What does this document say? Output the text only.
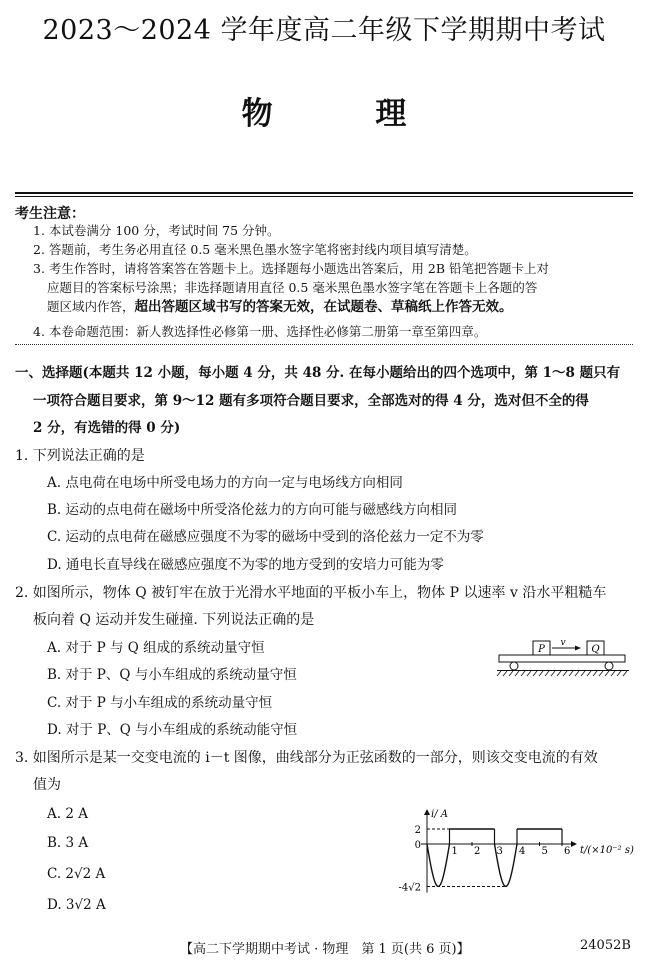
2023～2024 学年度高二年级下学期期中考试
物 理
考生注意：
1. 本试卷满分 100 分，考试时间 75 分钟。
2. 答题前，考生务必用直径 0.5 毫米黑色墨水签字笔将密封线内项目填写清楚。
3. 考生作答时，请将答案答在答题卡上。选择题每小题选出答案后，用 2B 铅笔把答题卡上对
应题目的答案标号涂黑；非选择题请用直径 0.5 毫米黑色墨水签字笔在答题卡上各题的答
题区域内作答，超出答题区域书写的答案无效，在试题卷、草稿纸上作答无效。
4. 本卷命题范围：新人教选择性必修第一册、选择性必修第二册第一章至第四章。
一、选择题(本题共 12 小题，每小题 4 分，共 48 分. 在每小题给出的四个选项中，第 1～8 题只有
一项符合题目要求，第 9～12 题有多项符合题目要求，全部选对的得 4 分，选对但不全的得
2 分，有选错的得 0 分)
1. 下列说法正确的是
A. 点电荷在电场中所受电场力的方向一定与电场线方向相同
B. 运动的点电荷在磁场中所受洛伦兹力的方向可能与磁感线方向相同
C. 运动的点电荷在磁感应强度不为零的磁场中受到的洛伦兹力一定不为零
D. 通电长直导线在磁感应强度不为零的地方受到的安培力可能为零
2. 如图所示，物体 Q 被钉牢在放于光滑水平地面的平板小车上，物体 P 以速率 v 沿水平粗糙车
板向着 Q 运动并发生碰撞. 下列说法正确的是
A. 对于 P 与 Q 组成的系统动量守恒
B. 对于 P、Q 与小车组成的系统动量守恒
C. 对于 P 与小车组成的系统动量守恒
D. 对于 P、Q 与小车组成的系统动能守恒
P
v
Q
3. 如图所示是某一交变电流的 i－t 图像，曲线部分为正弦函数的一部分，则该交变电流的有效
值为
A. 2 A
B. 3 A
C. 2√2 A
D. 3√2 A
i/ A
t/(×10⁻² s)
2
0
-4√2
1 2 3 4 5 6
【高二下学期期中考试 · 物理　第 1 页(共 6 页)】	24052B
